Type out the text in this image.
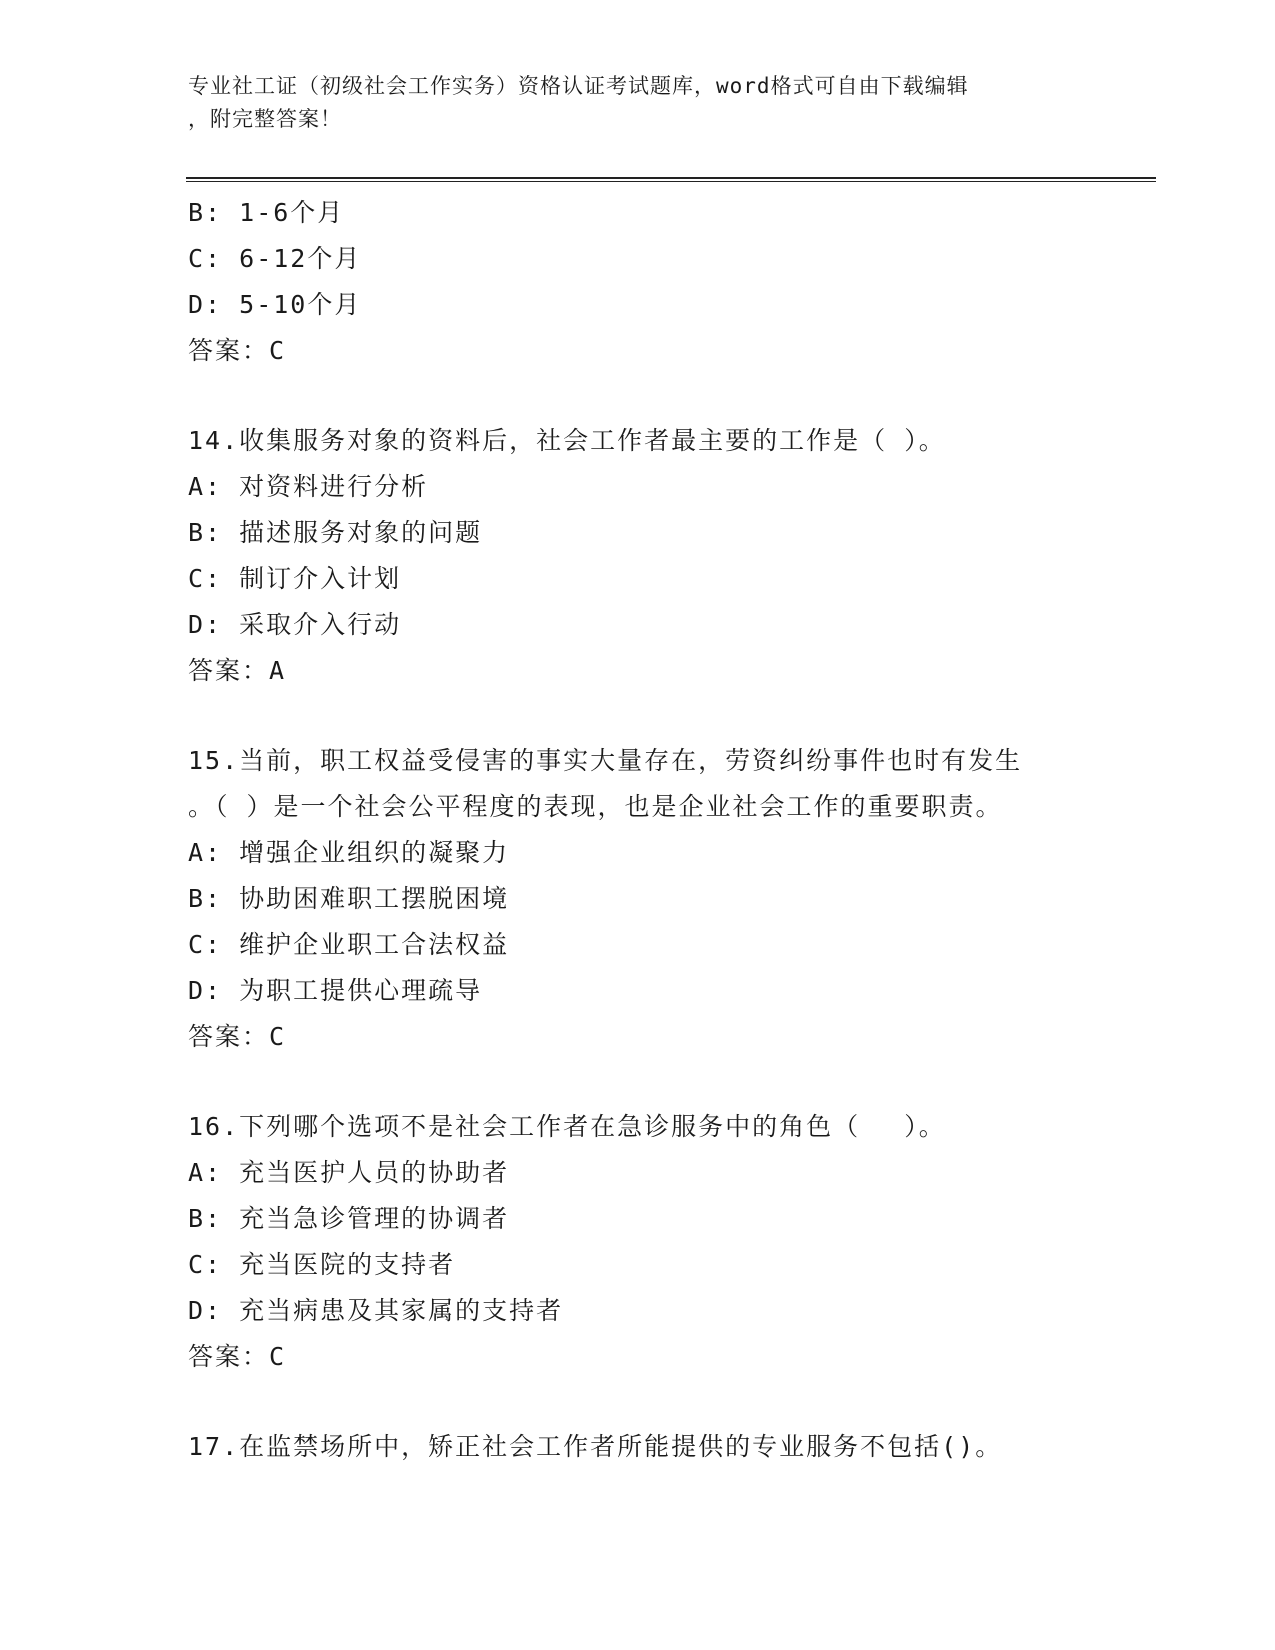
专业社工证（初级社会工作实务）资格认证考试题库，word格式可自由下载编辑
，附完整答案！
B: 1-6个月
C: 6-12个月
D: 5-10个月
答案：C
14.收集服务对象的资料后，社会工作者最主要的工作是（ ）。
A: 对资料进行分析
B: 描述服务对象的问题
C: 制订介入计划
D: 采取介入行动
答案：A
15.当前，职工权益受侵害的事实大量存在，劳资纠纷事件也时有发生
。（ ）是一个社会公平程度的表现，也是企业社会工作的重要职责。
A: 增强企业组织的凝聚力
B: 协助困难职工摆脱困境
C: 维护企业职工合法权益
D: 为职工提供心理疏导
答案：C
16.下列哪个选项不是社会工作者在急诊服务中的角色（　 ）。
A: 充当医护人员的协助者
B: 充当急诊管理的协调者
C: 充当医院的支持者
D: 充当病患及其家属的支持者
答案：C
17.在监禁场所中，矫正社会工作者所能提供的专业服务不包括()。
